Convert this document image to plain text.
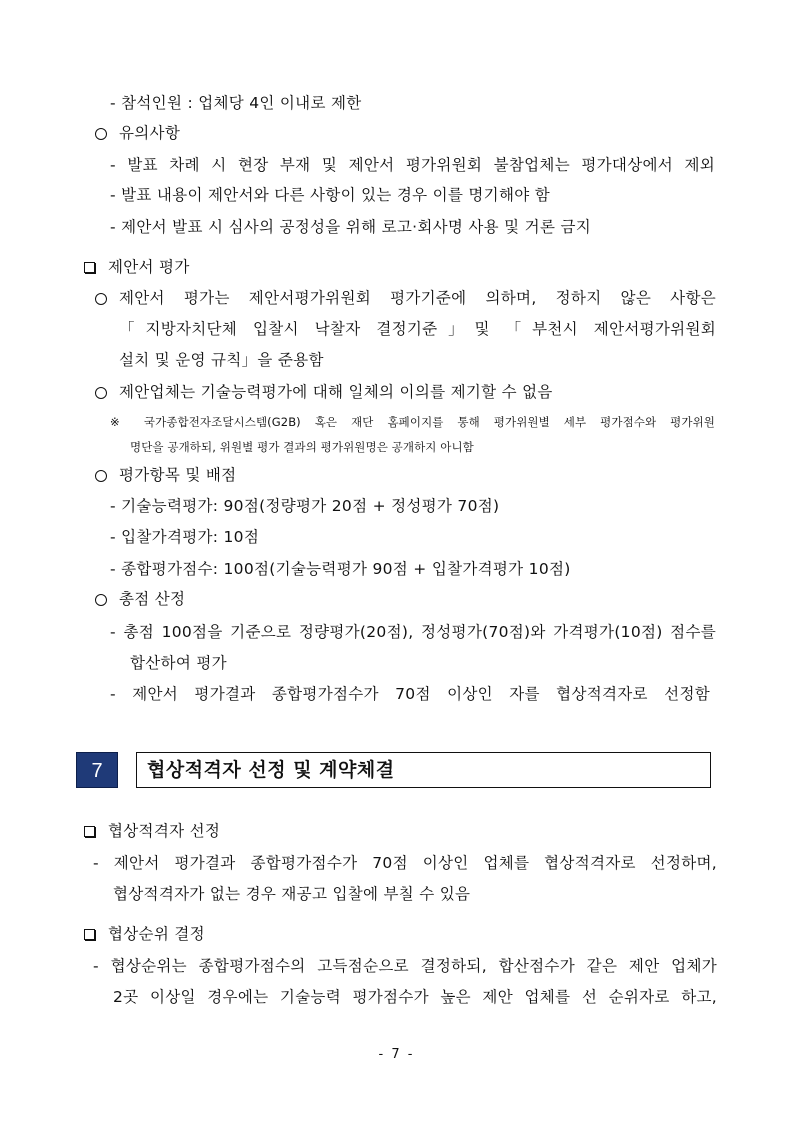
- 참석인원 : 업체당 4인 이내로 제한
유의사항
- 발표 차례 시 현장 부재 및 제안서 평가위원회 불참업체는 평가대상에서 제외
- 발표 내용이 제안서와 다른 사항이 있는 경우 이를 명기해야 함
- 제안서 발표 시 심사의 공정성을 위해 로고·회사명 사용 및 거론 금지
제안서 평가
제안서 평가는 제안서평가위원회 평가기준에 의하며, 정하지 않은 사항은
「지방자치단체 입찰시 낙찰자 결정기준」및 「부천시 제안서평가위원회
설치 및 운영 규칙」을 준용함
제안업체는 기술능력평가에 대해 일체의 이의를 제기할 수 없음
※ 국가종합전자조달시스템(G2B) 혹은 재단 홈페이지를 통해 평가위원별 세부 평가점수와 평가위원
명단을 공개하되, 위원별 평가 결과의 평가위원명은 공개하지 아니함
평가항목 및 배점
- 기술능력평가: 90점(정량평가 20점 + 정성평가 70점)
- 입찰가격평가: 10점
- 종합평가점수: 100점(기술능력평가 90점 + 입찰가격평가 10점)
총점 산정
- 총점 100점을 기준으로 정량평가(20점), 정성평가(70점)와 가격평가(10점) 점수를
합산하여 평가
- 제안서 평가결과 종합평가점수가 70점 이상인 자를 협상적격자로 선정함
7	협상적격자 선정 및 계약체결
협상적격자 선정
- 제안서 평가결과 종합평가점수가 70점 이상인 업체를 협상적격자로 선정하며,
협상적격자가 없는 경우 재공고 입찰에 부칠 수 있음
협상순위 결정
- 협상순위는 종합평가점수의 고득점순으로 결정하되, 합산점수가 같은 제안 업체가
2곳 이상일 경우에는 기술능력 평가점수가 높은 제안 업체를 선 순위자로 하고,
- 7 -
